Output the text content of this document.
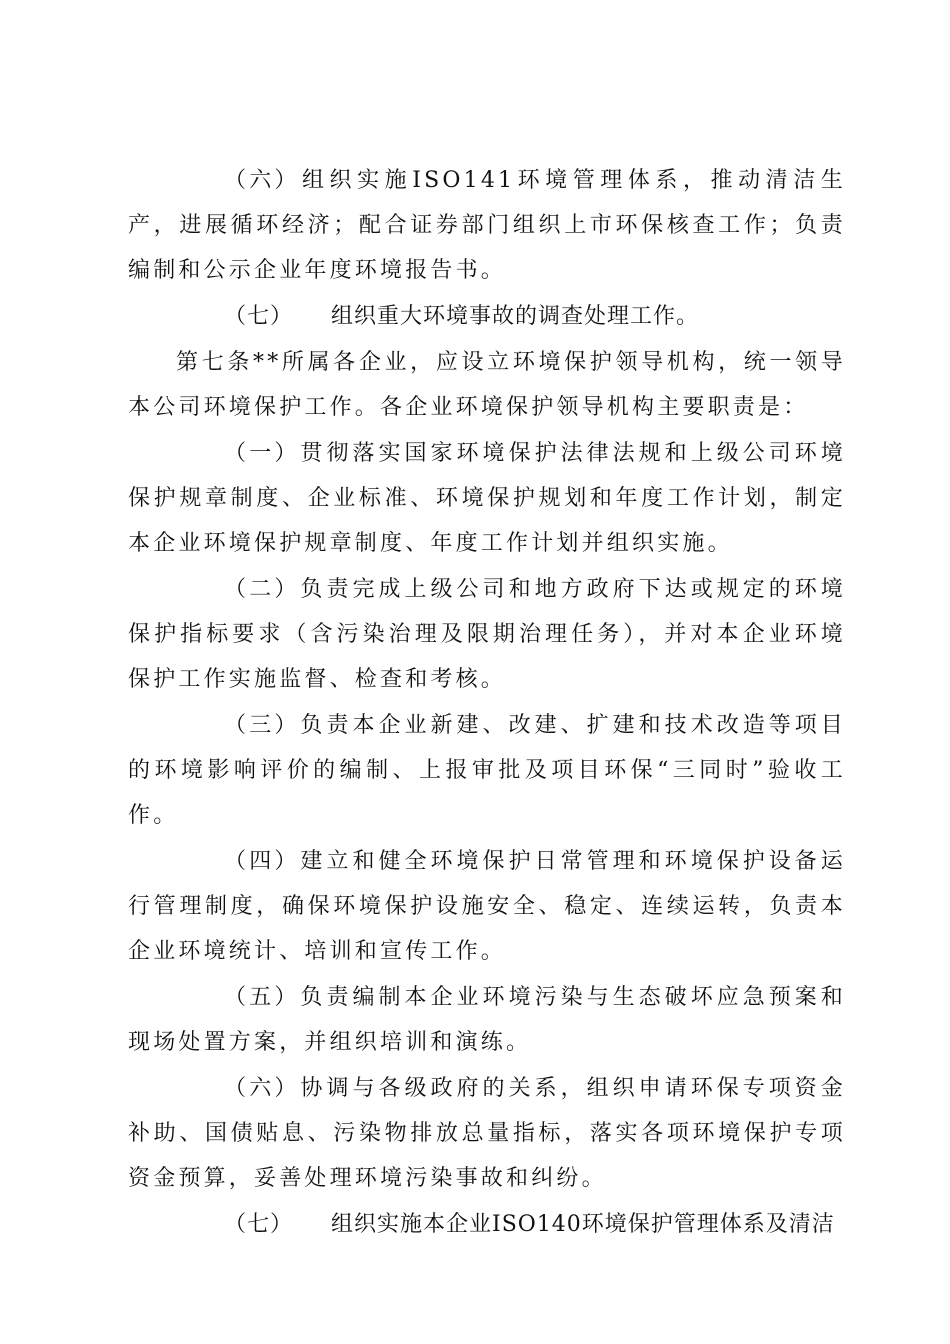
（六）组织实施ISO141环境管理体系，推动清洁生产，进展循环经济；配合证券部门组织上市环保核查工作；负责编制和公示企业年度环境报告书。

（七） 组织重大环境事故的调查处理工作。

第七条**所属各企业，应设立环境保护领导机构，统一领导本公司环境保护工作。各企业环境保护领导机构主要职责是：

（一）贯彻落实国家环境保护法律法规和上级公司环境保护规章制度、企业标准、环境保护规划和年度工作计划，制定本企业环境保护规章制度、年度工作计划并组织实施。

（二）负责完成上级公司和地方政府下达或规定的环境保护指标要求（含污染治理及限期治理任务），并对本企业环境保护工作实施监督、检查和考核。

（三）负责本企业新建、改建、扩建和技术改造等项目的环境影响评价的编制、上报审批及项目环保“三同时”验收工作。

（四）建立和健全环境保护日常管理和环境保护设备运行管理制度，确保环境保护设施安全、稳定、连续运转，负责本企业环境统计、培训和宣传工作。

（五）负责编制本企业环境污染与生态破坏应急预案和现场处置方案，并组织培训和演练。

（六）协调与各级政府的关系，组织申请环保专项资金补助、国债贴息、污染物排放总量指标，落实各项环境保护专项资金预算，妥善处理环境污染事故和纠纷。

（七） 组织实施本企业ISO140环境保护管理体系及清洁
